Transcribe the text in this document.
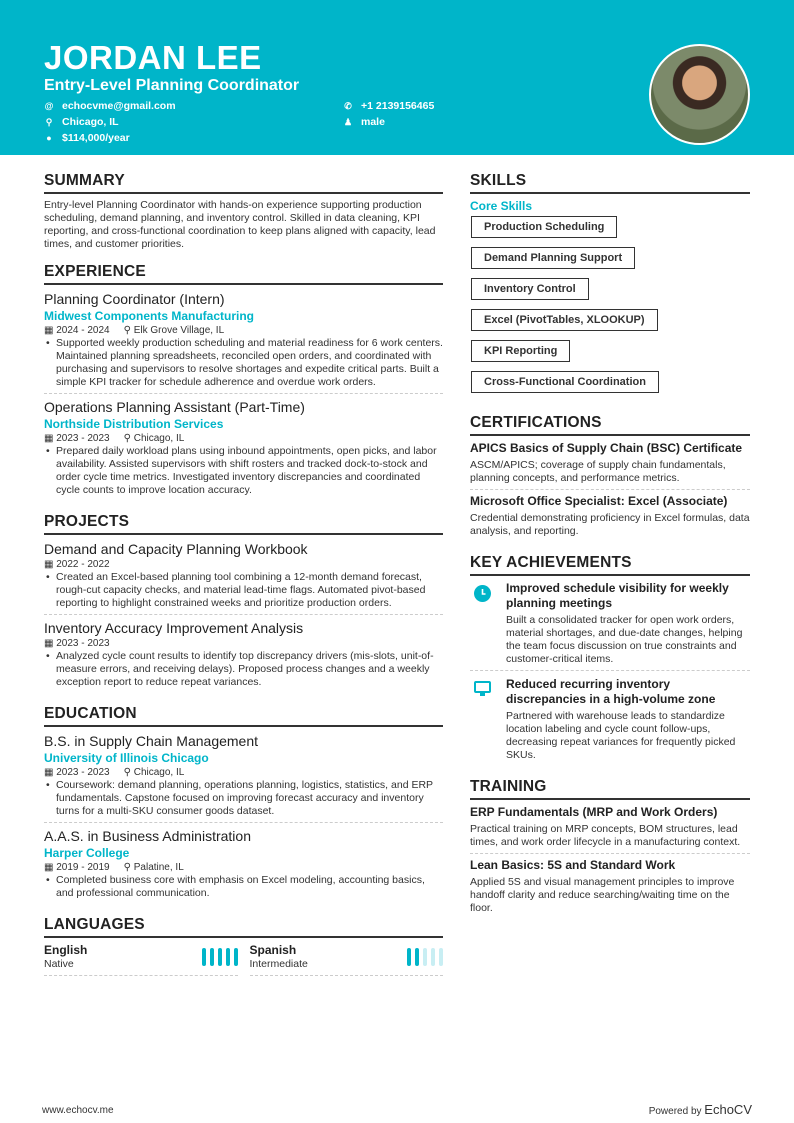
JORDAN LEE
Entry-Level Planning Coordinator
@ echocvme@gmail.com
⚲ Chicago, IL
● $114,000/year
✆ +1 2139156465
♟ male
SUMMARY
Entry-level Planning Coordinator with hands-on experience supporting production scheduling, demand planning, and inventory control. Skilled in data cleaning, KPI reporting, and cross-functional coordination to keep plans aligned with capacity, lead times, and customer priorities.
EXPERIENCE
Planning Coordinator (Intern)
Midwest Components Manufacturing
▦ 2024 - 2024 ⚲ Elk Grove Village, IL
• Supported weekly production scheduling and material readiness for 6 work centers. Maintained planning spreadsheets, reconciled open orders, and coordinated with purchasing and supervisors to resolve shortages and expedite critical parts. Built a simple KPI tracker for schedule adherence and overdue work orders.
Operations Planning Assistant (Part-Time)
Northside Distribution Services
▦ 2023 - 2023 ⚲ Chicago, IL
• Prepared daily workload plans using inbound appointments, open picks, and labor availability. Assisted supervisors with shift rosters and tracked dock-to-stock and order cycle time metrics. Investigated inventory discrepancies and coordinated cycle counts to improve location accuracy.
PROJECTS
Demand and Capacity Planning Workbook
▦ 2022 - 2022
• Created an Excel-based planning tool combining a 12-month demand forecast, rough-cut capacity checks, and material lead-time flags. Automated pivot-based reporting to highlight constrained weeks and prioritize production orders.
Inventory Accuracy Improvement Analysis
▦ 2023 - 2023
• Analyzed cycle count results to identify top discrepancy drivers (mis-slots, unit-of-measure errors, and receiving delays). Proposed process changes and a weekly exception report to reduce repeat variances.
EDUCATION
B.S. in Supply Chain Management
University of Illinois Chicago
▦ 2023 - 2023 ⚲ Chicago, IL
• Coursework: demand planning, operations planning, logistics, statistics, and ERP fundamentals. Capstone focused on improving forecast accuracy and inventory turns for a multi-SKU consumer goods dataset.
A.A.S. in Business Administration
Harper College
▦ 2019 - 2019 ⚲ Palatine, IL
• Completed business core with emphasis on Excel modeling, accounting basics, and professional communication.
LANGUAGES
English
Native
Spanish
Intermediate
SKILLS
Core Skills
Production Scheduling
Demand Planning Support
Inventory Control
Excel (PivotTables, XLOOKUP)
KPI Reporting
Cross-Functional Coordination
CERTIFICATIONS
APICS Basics of Supply Chain (BSC) Certificate
ASCM/APICS; coverage of supply chain fundamentals, planning concepts, and performance metrics.
Microsoft Office Specialist: Excel (Associate)
Credential demonstrating proficiency in Excel formulas, data analysis, and reporting.
KEY ACHIEVEMENTS
Improved schedule visibility for weekly planning meetings
Built a consolidated tracker for open work orders, material shortages, and due-date changes, helping the team focus discussion on true constraints and customer-critical items.
Reduced recurring inventory discrepancies in a high-volume zone
Partnered with warehouse leads to standardize location labeling and cycle count follow-ups, decreasing repeat variances for frequently picked SKUs.
TRAINING
ERP Fundamentals (MRP and Work Orders)
Practical training on MRP concepts, BOM structures, lead times, and work order lifecycle in a manufacturing context.
Lean Basics: 5S and Standard Work
Applied 5S and visual management principles to improve handoff clarity and reduce searching/waiting time on the floor.
www.echocv.me	Powered by EchoCV
